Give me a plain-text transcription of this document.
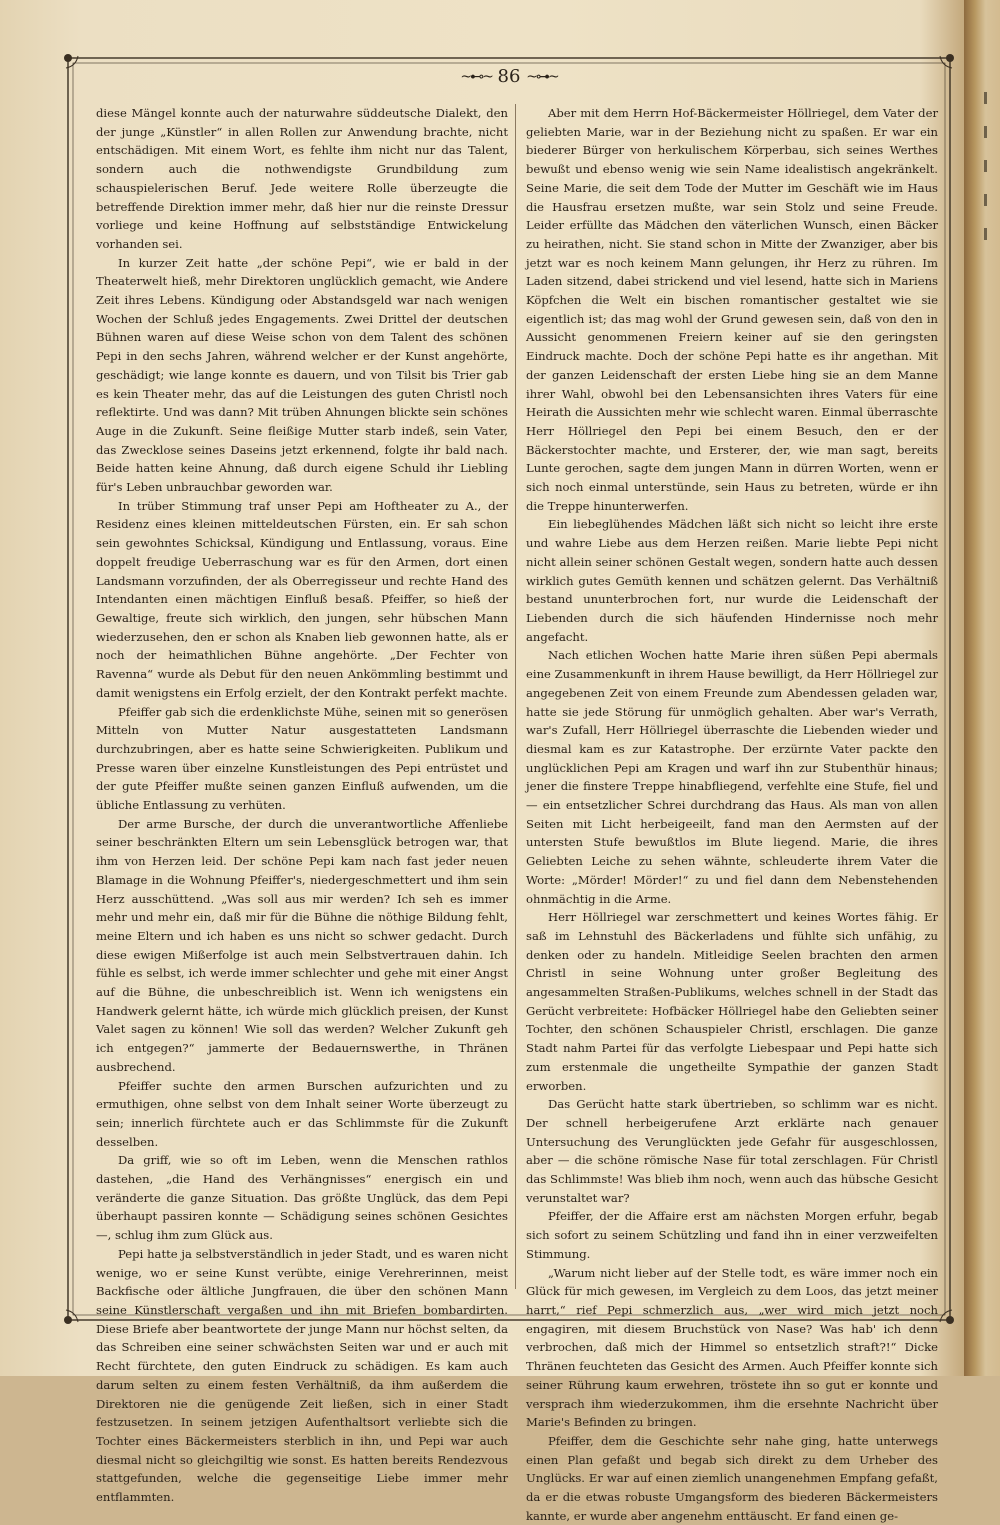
~⊷~ 86 ~⊶~

diese Mängel konnte auch der naturwahre süddeutsche Dialekt, den der junge „Künstler“ in allen Rollen zur Anwendung brachte, nicht entschädigen. Mit einem Wort, es fehlte ihm nicht nur das Talent, sondern auch die nothwendigste Grundbildung zum schauspielerischen Beruf. Jede weitere Rolle überzeugte die betreffende Direktion immer mehr, daß hier nur die reinste Dressur vorliege und keine Hoffnung auf selbstständige Entwickelung vorhanden sei.

In kurzer Zeit hatte „der schöne Pepi“, wie er bald in der Theaterwelt hieß, mehr Direktoren unglücklich gemacht, wie Andere Zeit ihres Lebens. Kündigung oder Abstandsgeld war nach wenigen Wochen der Schluß jedes Engagements. Zwei Drittel der deutschen Bühnen waren auf diese Weise schon von dem Talent des schönen Pepi in den sechs Jahren, während welcher er der Kunst angehörte, geschädigt; wie lange konnte es dauern, und von Tilsit bis Trier gab es kein Theater mehr, das auf die Leistungen des guten Christl noch reflektirte. Und was dann? Mit trüben Ahnungen blickte sein schönes Auge in die Zukunft. Seine fleißige Mutter starb indeß, sein Vater, das Zwecklose seines Daseins jetzt erkennend, folgte ihr bald nach. Beide hatten keine Ahnung, daß durch eigene Schuld ihr Liebling für's Leben unbrauchbar geworden war.

In trüber Stimmung traf unser Pepi am Hoftheater zu A., der Residenz eines kleinen mitteldeutschen Fürsten, ein. Er sah schon sein gewohntes Schicksal, Kündigung und Entlassung, voraus. Eine doppelt freudige Ueberraschung war es für den Armen, dort einen Landsmann vorzufinden, der als Oberregisseur und rechte Hand des Intendanten einen mächtigen Einfluß besaß. Pfeiffer, so hieß der Gewaltige, freute sich wirklich, den jungen, sehr hübschen Mann wiederzusehen, den er schon als Knaben lieb gewonnen hatte, als er noch der heimathlichen Bühne angehörte. „Der Fechter von Ravenna“ wurde als Debut für den neuen Ankömmling bestimmt und damit wenigstens ein Erfolg erzielt, der den Kontrakt perfekt machte.

Pfeiffer gab sich die erdenklichste Mühe, seinen mit so generösen Mitteln von Mutter Natur ausgestatteten Landsmann durchzubringen, aber es hatte seine Schwierigkeiten. Publikum und Presse waren über einzelne Kunstleistungen des Pepi entrüstet und der gute Pfeiffer mußte seinen ganzen Einfluß aufwenden, um die übliche Entlassung zu verhüten.

Der arme Bursche, der durch die unverantwortliche Affenliebe seiner beschränkten Eltern um sein Lebensglück betrogen war, that ihm von Herzen leid. Der schöne Pepi kam nach fast jeder neuen Blamage in die Wohnung Pfeiffer's, niedergeschmettert und ihm sein Herz ausschüttend. „Was soll aus mir werden? Ich seh es immer mehr und mehr ein, daß mir für die Bühne die nöthige Bildung fehlt, meine Eltern und ich haben es uns nicht so schwer gedacht. Durch diese ewigen Mißerfolge ist auch mein Selbstvertrauen dahin. Ich fühle es selbst, ich werde immer schlechter und gehe mit einer Angst auf die Bühne, die unbeschreiblich ist. Wenn ich wenigstens ein Handwerk gelernt hätte, ich würde mich glücklich preisen, der Kunst Valet sagen zu können! Wie soll das werden? Welcher Zukunft geh ich entgegen?“ jammerte der Bedauernswerthe, in Thränen ausbrechend.

Pfeiffer suchte den armen Burschen aufzurichten und zu ermuthigen, ohne selbst von dem Inhalt seiner Worte überzeugt zu sein; innerlich fürchtete auch er das Schlimmste für die Zukunft desselben.

Da griff, wie so oft im Leben, wenn die Menschen rathlos dastehen, „die Hand des Verhängnisses“ energisch ein und veränderte die ganze Situation. Das größte Unglück, das dem Pepi überhaupt passiren konnte — Schädigung seines schönen Gesichtes —, schlug ihm zum Glück aus.

Pepi hatte ja selbstverständlich in jeder Stadt, und es waren nicht wenige, wo er seine Kunst verübte, einige Verehrerinnen, meist Backfische oder ältliche Jungfrauen, die über den schönen Mann seine Künstlerschaft vergaßen und ihn mit Briefen bombardirten. Diese Briefe aber beantwortete der junge Mann nur höchst selten, da das Schreiben eine seiner schwächsten Seiten war und er auch mit Recht fürchtete, den guten Eindruck zu schädigen. Es kam auch darum selten zu einem festen Verhältniß, da ihm außerdem die Direktoren nie die genügende Zeit ließen, sich in einer Stadt festzusetzen. In seinem jetzigen Aufenthaltsort verliebte sich die Tochter eines Bäckermeisters sterblich in ihn, und Pepi war auch diesmal nicht so gleichgiltig wie sonst. Es hatten bereits Rendezvous stattgefunden, welche die gegenseitige Liebe immer mehr entflammten.

Aber mit dem Herrn Hof-Bäckermeister Höllriegel, dem Vater der geliebten Marie, war in der Beziehung nicht zu spaßen. Er war ein biederer Bürger von herkulischem Körperbau, sich seines Werthes bewußt und ebenso wenig wie sein Name idealistisch angekränkelt. Seine Marie, die seit dem Tode der Mutter im Geschäft wie im Haus die Hausfrau ersetzen mußte, war sein Stolz und seine Freude. Leider erfüllte das Mädchen den väterlichen Wunsch, einen Bäcker zu heirathen, nicht. Sie stand schon in Mitte der Zwanziger, aber bis jetzt war es noch keinem Mann gelungen, ihr Herz zu rühren. Im Laden sitzend, dabei strickend und viel lesend, hatte sich in Mariens Köpfchen die Welt ein bischen romantischer gestaltet wie sie eigentlich ist; das mag wohl der Grund gewesen sein, daß von den in Aussicht genommenen Freiern keiner auf sie den geringsten Eindruck machte. Doch der schöne Pepi hatte es ihr angethan. Mit der ganzen Leidenschaft der ersten Liebe hing sie an dem Manne ihrer Wahl, obwohl bei den Lebensansichten ihres Vaters für eine Heirath die Aussichten mehr wie schlecht waren. Einmal überraschte Herr Höllriegel den Pepi bei einem Besuch, den er der Bäckerstochter machte, und Ersterer, der, wie man sagt, bereits Lunte gerochen, sagte dem jungen Mann in dürren Worten, wenn er sich noch einmal unterstünde, sein Haus zu betreten, würde er ihn die Treppe hinunterwerfen.

Ein liebeglühendes Mädchen läßt sich nicht so leicht ihre erste und wahre Liebe aus dem Herzen reißen. Marie liebte Pepi nicht nicht allein seiner schönen Gestalt wegen, sondern hatte auch dessen wirklich gutes Gemüth kennen und schätzen gelernt. Das Verhältniß bestand ununterbrochen fort, nur wurde die Leidenschaft der Liebenden durch die sich häufenden Hindernisse noch mehr angefacht.

Nach etlichen Wochen hatte Marie ihren süßen Pepi abermals eine Zusammenkunft in ihrem Hause bewilligt, da Herr Höllriegel zur angegebenen Zeit von einem Freunde zum Abendessen geladen war, hatte sie jede Störung für unmöglich gehalten. Aber war's Verrath, war's Zufall, Herr Höllriegel überraschte die Liebenden wieder und diesmal kam es zur Katastrophe. Der erzürnte Vater packte den unglücklichen Pepi am Kragen und warf ihn zur Stubenthür hinaus; jener die finstere Treppe hinabfliegend, verfehlte eine Stufe, fiel und — ein entsetzlicher Schrei durchdrang das Haus. Als man von allen Seiten mit Licht herbeigeeilt, fand man den Aermsten auf der untersten Stufe bewußtlos im Blute liegend. Marie, die ihres Geliebten Leiche zu sehen wähnte, schleuderte ihrem Vater die Worte: „Mörder! Mörder!“ zu und fiel dann dem Nebenstehenden ohnmächtig in die Arme.

Herr Höllriegel war zerschmettert und keines Wortes fähig. Er saß im Lehnstuhl des Bäckerladens und fühlte sich unfähig, zu denken oder zu handeln. Mitleidige Seelen brachten den armen Christl in seine Wohnung unter großer Begleitung des angesammelten Straßen-Publikums, welches schnell in der Stadt das Gerücht verbreitete: Hofbäcker Höllriegel habe den Geliebten seiner Tochter, den schönen Schauspieler Christl, erschlagen. Die ganze Stadt nahm Partei für das verfolgte Liebespaar und Pepi hatte sich zum erstenmale die ungetheilte Sympathie der ganzen Stadt erworben.

Das Gerücht hatte stark übertrieben, so schlimm war es nicht. Der schnell herbeigerufene Arzt erklärte nach genauer Untersuchung des Verunglückten jede Gefahr für ausgeschlossen, aber — die schöne römische Nase für total zerschlagen. Für Christl das Schlimmste! Was blieb ihm noch, wenn auch das hübsche Gesicht verunstaltet war?

Pfeiffer, der die Affaire erst am nächsten Morgen erfuhr, begab sich sofort zu seinem Schützling und fand ihn in einer verzweifelten Stimmung.

„Warum nicht lieber auf der Stelle todt, es wäre immer noch ein Glück für mich gewesen, im Vergleich zu dem Loos, das jetzt meiner harrt,“ rief Pepi schmerzlich aus, „wer wird mich jetzt noch engagiren, mit diesem Bruchstück von Nase? Was hab' ich denn verbrochen, daß mich der Himmel so entsetzlich straft?!“ Dicke Thränen feuchteten das Gesicht des Armen. Auch Pfeiffer konnte sich seiner Rührung kaum erwehren, tröstete ihn so gut er konnte und versprach ihm wiederzukommen, ihm die ersehnte Nachricht über Marie's Befinden zu bringen.

Pfeiffer, dem die Geschichte sehr nahe ging, hatte unterwegs einen Plan gefaßt und begab sich direkt zu dem Urheber des Unglücks. Er war auf einen ziemlich unangenehmen Empfang gefaßt, da er die etwas robuste Umgangsform des biederen Bäckermeisters kannte, er wurde aber angenehm enttäuscht. Er fand einen ge-
